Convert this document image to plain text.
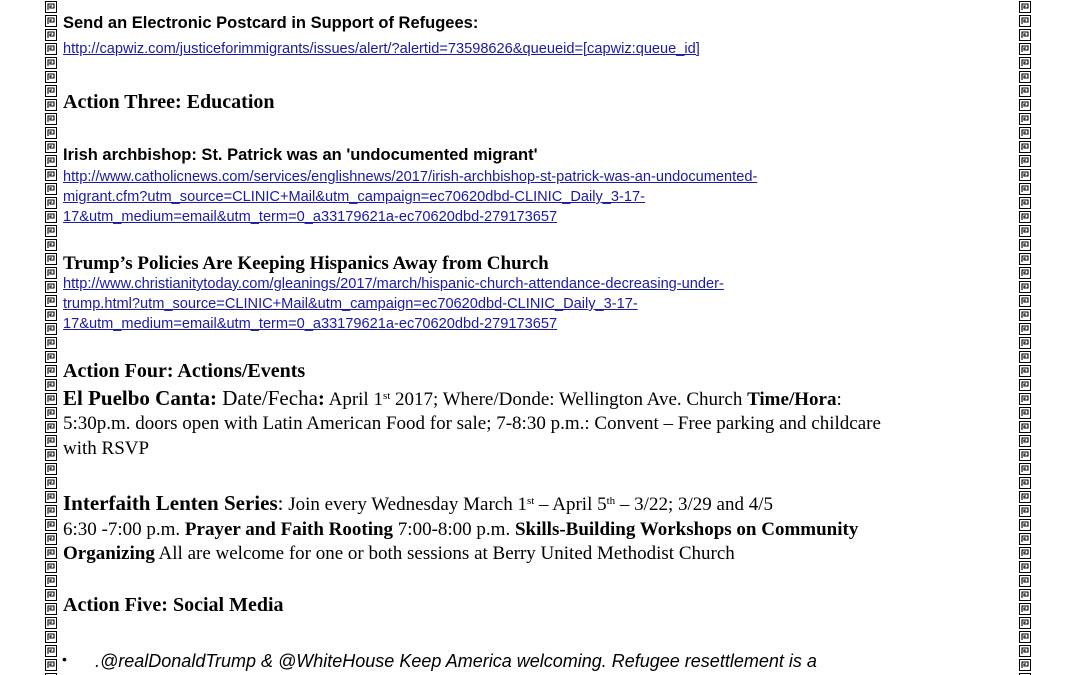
Send an Electronic Postcard in Support of Refugees:
http://capwiz.com/justiceforimmigrants/issues/alert/?alertid=73598626&queueid=[capwiz:queue_id]
Action Three: Education
Irish archbishop: St. Patrick was an 'undocumented migrant'
http://www.catholicnews.com/services/englishnews/2017/irish-archbishop-st-patrick-was-an-undocumented-
migrant.cfm?utm_source=CLINIC+Mail&utm_campaign=ec70620dbd-CLINIC_Daily_3-17-
17&utm_medium=email&utm_term=0_a33179621a-ec70620dbd-279173657
Trump’s Policies Are Keeping Hispanics Away from Church
http://www.christianitytoday.com/gleanings/2017/march/hispanic-church-attendance-decreasing-under-
trump.html?utm_source=CLINIC+Mail&utm_campaign=ec70620dbd-CLINIC_Daily_3-17-
17&utm_medium=email&utm_term=0_a33179621a-ec70620dbd-279173657
Action Four: Actions/Events
El Puelbo Canta: Date/Fecha: April 1st 2017; Where/Donde: Wellington Ave. Church Time/Hora:
5:30p.m. doors open with Latin American Food for sale; 7-8:30 p.m.: Convent – Free parking and childcare
with RSVP
Interfaith Lenten Series: Join every Wednesday March 1st – April 5th – 3/22; 3/29 and 4/5
6:30 -7:00 p.m. Prayer and Faith Rooting 7:00-8:00 p.m. Skills-Building Workshops on Community
Organizing All are welcome for one or both sessions at Berry United Methodist Church
Action Five: Social Media
• .@realDonaldTrump & @WhiteHouse Keep America welcoming. Refugee resettlement is a
